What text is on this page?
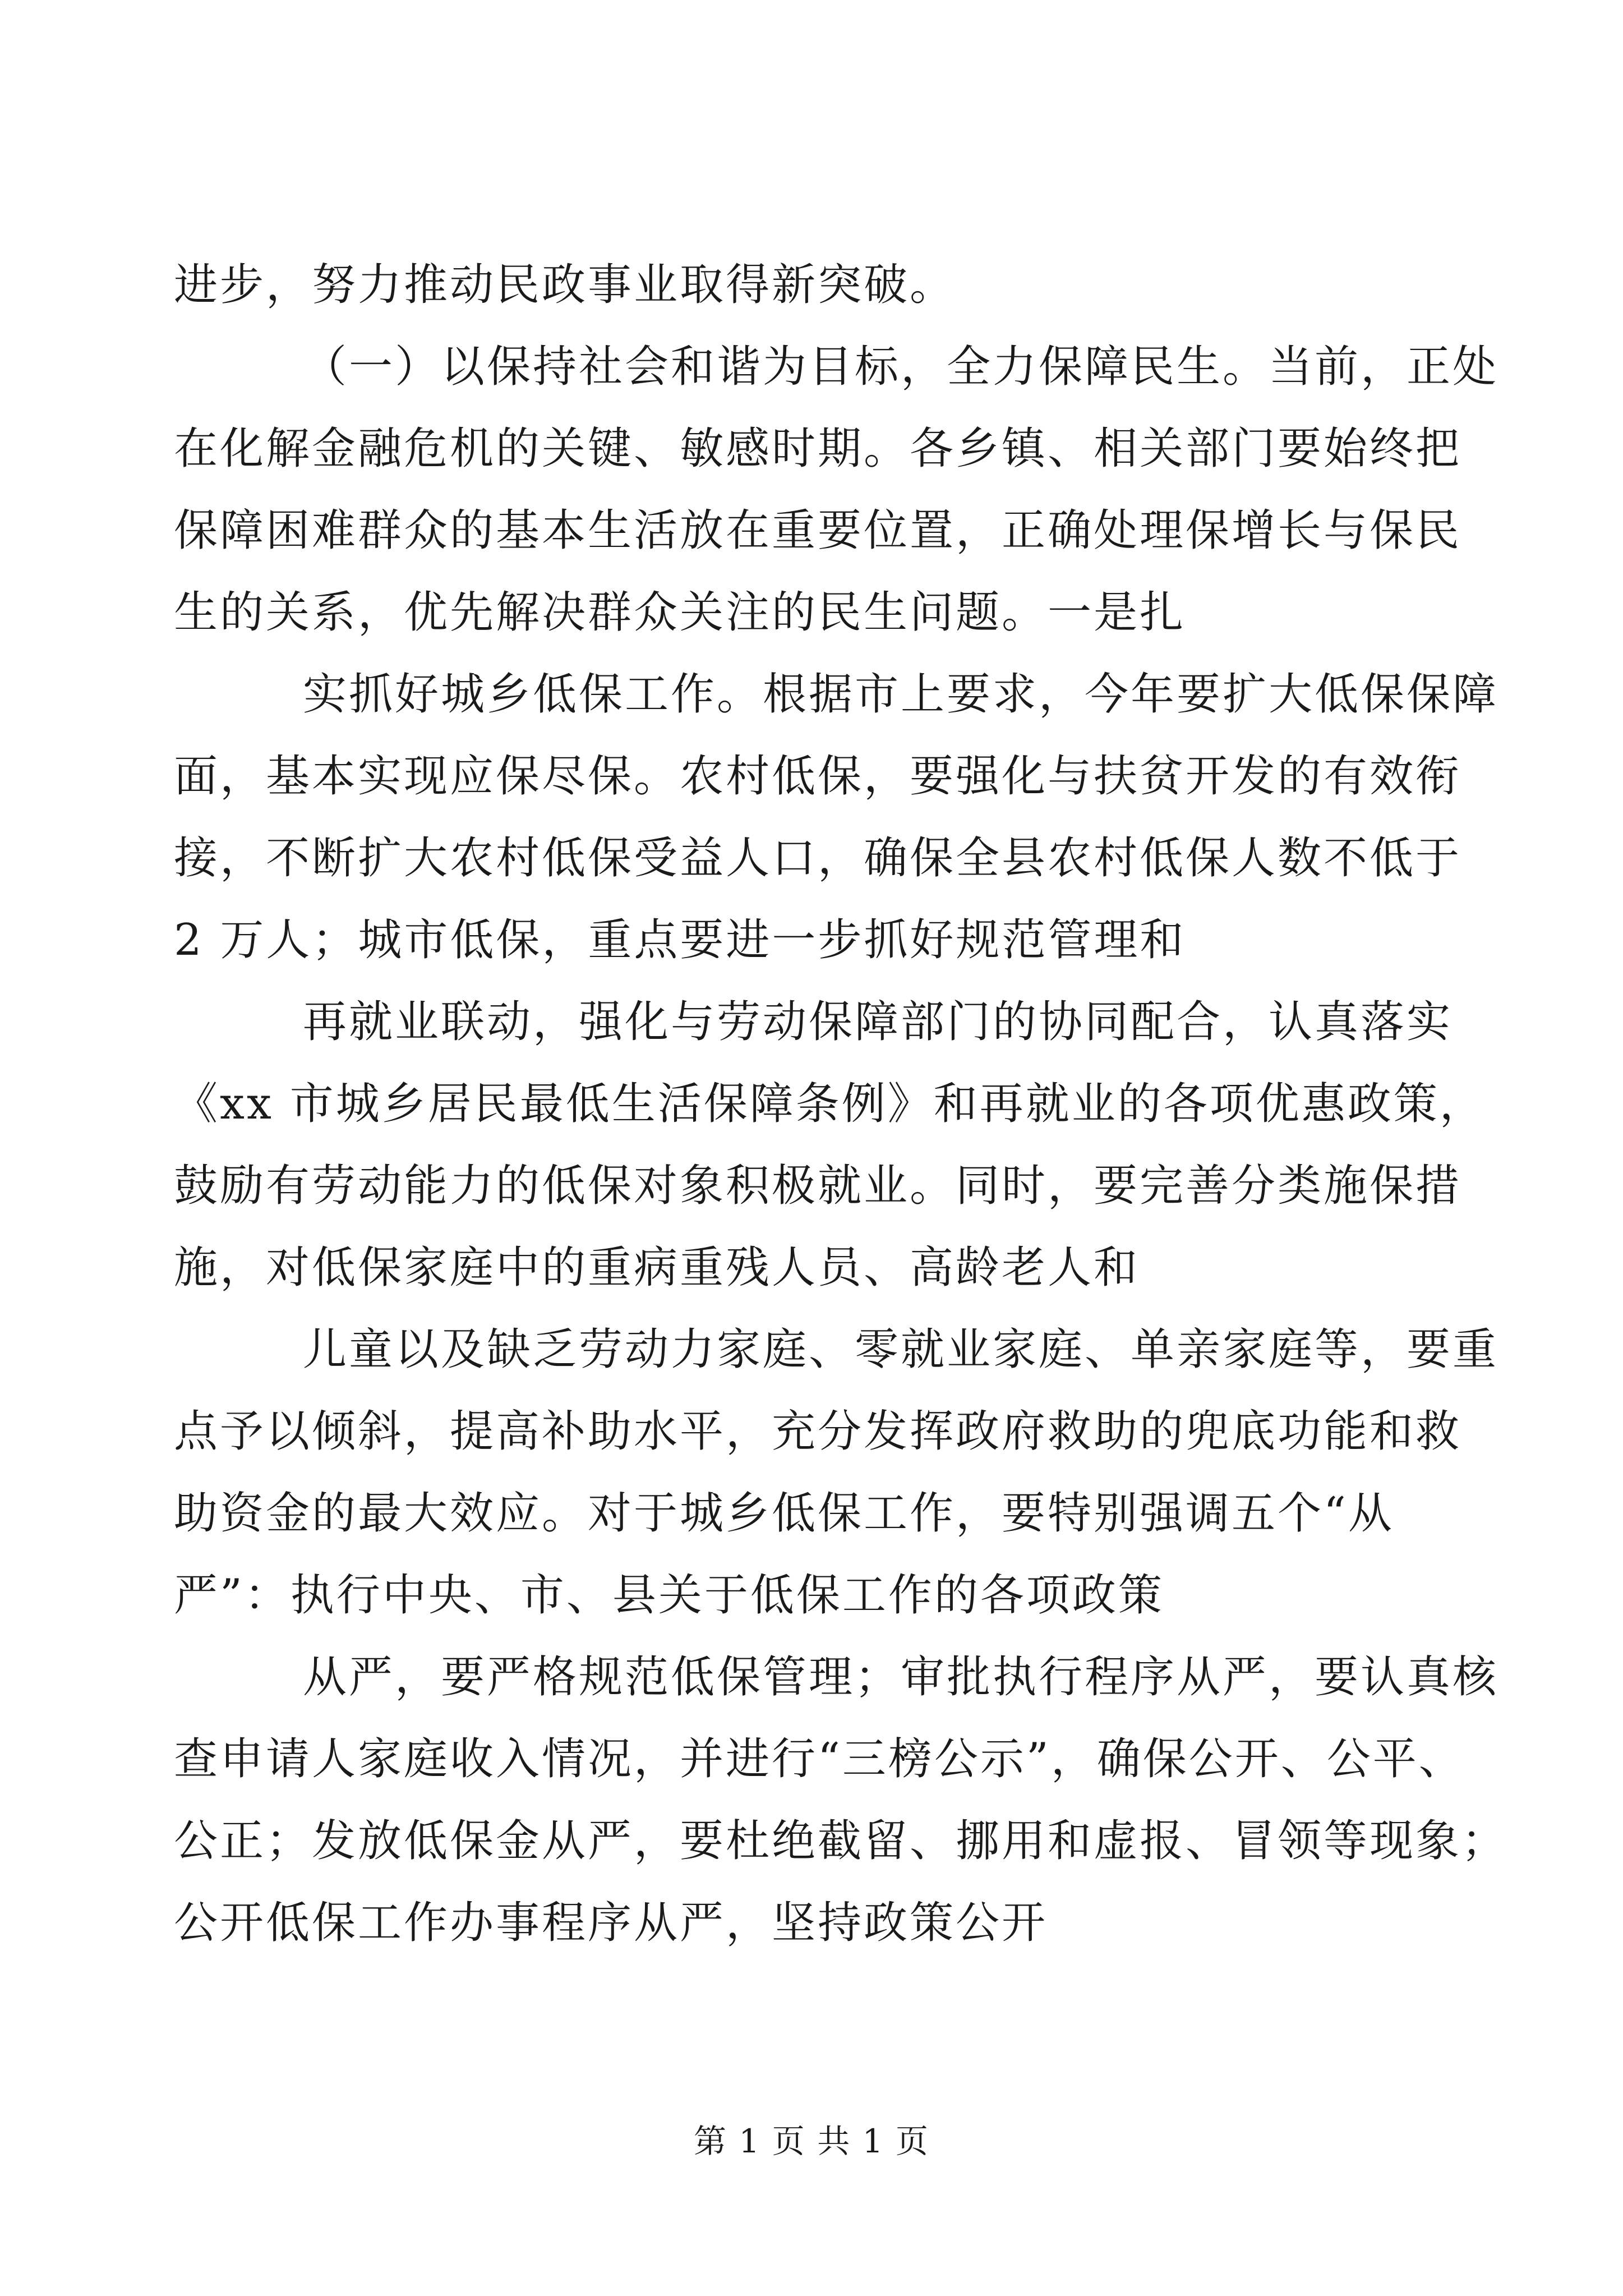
进步，努力推动民政事业取得新突破。
（一）以保持社会和谐为目标，全力保障民生。当前，正处
在化解金融危机的关键、敏感时期。各乡镇、相关部门要始终把
保障困难群众的基本生活放在重要位置，正确处理保增长与保民
生的关系，优先解决群众关注的民生问题。一是扎
实抓好城乡低保工作。根据市上要求，今年要扩大低保保障
面，基本实现应保尽保。农村低保，要强化与扶贫开发的有效衔
接，不断扩大农村低保受益人口，确保全县农村低保人数不低于
2 万人；城市低保，重点要进一步抓好规范管理和
再就业联动，强化与劳动保障部门的协同配合，认真落实
《xx 市城乡居民最低生活保障条例》和再就业的各项优惠政策，
鼓励有劳动能力的低保对象积极就业。同时，要完善分类施保措
施，对低保家庭中的重病重残人员、高龄老人和
儿童以及缺乏劳动力家庭、零就业家庭、单亲家庭等，要重
点予以倾斜，提高补助水平，充分发挥政府救助的兜底功能和救
助资金的最大效应。对于城乡低保工作，要特别强调五个“从
严”：执行中央、市、县关于低保工作的各项政策
从严，要严格规范低保管理；审批执行程序从严，要认真核
查申请人家庭收入情况，并进行“三榜公示”，确保公开、公平、
公正；发放低保金从严，要杜绝截留、挪用和虚报、冒领等现象；
公开低保工作办事程序从严，坚持政策公开
第 1 页 共 1 页
